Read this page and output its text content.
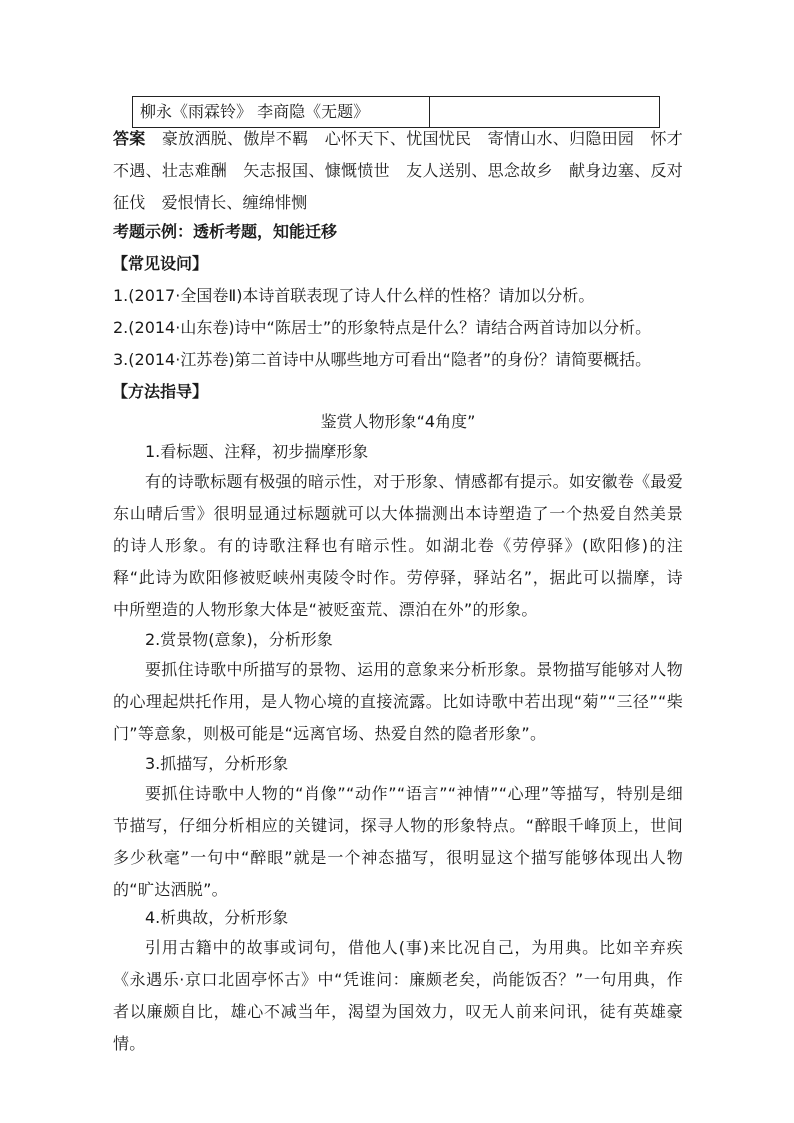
柳永《雨霖铃》 李商隐《无题》

答案　 豪放洒脱、傲岸不羁　心怀天下、忧国忧民　寄情山水、归隐田园　怀才不遇、壮志难酬　矢志报国、慷慨愤世　友人送别、思念故乡　献身边塞、反对征伐　爱恨情长、缠绵悱恻

考题示例：透析考题，知能迁移

【常见设问】

1.(2017·全国卷Ⅱ)本诗首联表现了诗人什么样的性格？请加以分析。

2.(2014·山东卷)诗中“陈居士”的形象特点是什么？请结合两首诗加以分析。

3.(2014·江苏卷)第二首诗中从哪些地方可看出“隐者”的身份？请简要概括。

【方法指导】

鉴赏人物形象“4角度”

1.看标题、注释，初步揣摩形象

有的诗歌标题有极强的暗示性，对于形象、情感都有提示。如安徽卷《最爱东山晴后雪》很明显通过标题就可以大体揣测出本诗塑造了一个热爱自然美景的诗人形象。有的诗歌注释也有暗示性。如湖北卷《劳停驿》(欧阳修)的注释“此诗为欧阳修被贬峡州夷陵令时作。劳停驿，驿站名”，据此可以揣摩，诗中所塑造的人物形象大体是“被贬蛮荒、漂泊在外”的形象。

2.赏景物(意象)，分析形象

要抓住诗歌中所描写的景物、运用的意象来分析形象。景物描写能够对人物的心理起烘托作用，是人物心境的直接流露。比如诗歌中若出现“菊”“三径”“柴门”等意象，则极可能是“远离官场、热爱自然的隐者形象”。

3.抓描写，分析形象

要抓住诗歌中人物的“肖像”“动作”“语言”“神情”“心理”等描写，特别是细节描写，仔细分析相应的关键词，探寻人物的形象特点。“醉眼千峰顶上，世间多少秋毫”一句中“醉眼”就是一个神态描写，很明显这个描写能够体现出人物的“旷达洒脱”。

4.析典故，分析形象

引用古籍中的故事或词句，借他人(事)来比况自己，为用典。比如辛弃疾《永遇乐·京口北固亭怀古》中“凭谁问：廉颇老矣，尚能饭否？”一句用典，作者以廉颇自比，雄心不减当年，渴望为国效力，叹无人前来问讯，徒有英雄豪情。
